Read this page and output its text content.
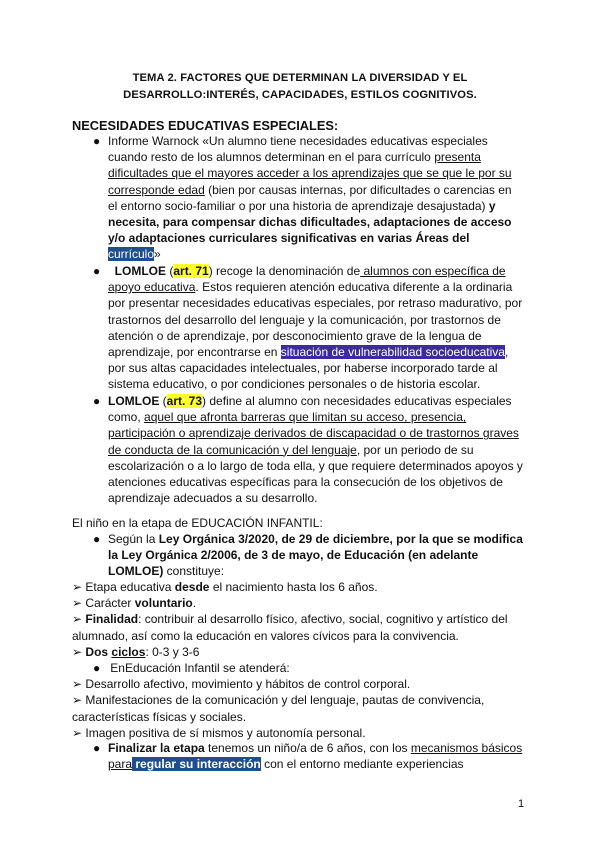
TEMA 2. FACTORES QUE DETERMINAN LA DIVERSIDAD Y EL
DESARROLLO:INTERÉS, CAPACIDADES, ESTILOS COGNITIVOS.
NECESIDADES EDUCATIVAS ESPECIALES:
● Informe Warnock «Un alumno tiene necesidades educativas especiales
cuando resto de los alumnos determinan en el para currículo presenta
dificultades que el mayores acceder a los aprendizajes que se que le por su
corresponde edad (bien por causas internas, por dificultades o carencias en
el entorno socio-familiar o por una historia de aprendizaje desajustada) y
necesita, para compensar dichas dificultades, adaptaciones de acceso
y/o adaptaciones curriculares significativas en varias Áreas del
currículo»
●	LOMLOE (art. 71) recoge la denominación de alumnos con específica de
apoyo educativa. Estos requieren atención educativa diferente a la ordinaria
por presentar necesidades educativas especiales, por retraso madurativo, por
trastornos del desarrollo del lenguaje y la comunicación, por trastornos de
atención o de aprendizaje, por desconocimiento grave de la lengua de
aprendizaje, por encontrarse en situación de vulnerabilidad socioeducativa,
por sus altas capacidades intelectuales, por haberse incorporado tarde al
sistema educativo, o por condiciones personales o de historia escolar.
● LOMLOE (art. 73) define al alumno con necesidades educativas especiales
como, aquel que afronta barreras que limitan su acceso, presencia,
participación o aprendizaje derivados de discapacidad o de trastornos graves
de conducta de la comunicación y del lenguaje, por un periodo de su
escolarización o a lo largo de toda ella, y que requiere determinados apoyos y
atenciones educativas específicas para la consecución de los objetivos de
aprendizaje adecuados a su desarrollo.
El niño en la etapa de EDUCACIÓN INFANTIL:
● Según la Ley Orgánica 3/2020, de 29 de diciembre, por la que se modifica
la Ley Orgánica 2/2006, de 3 de mayo, de Educación (en adelante
LOMLOE) constituye:
➢ Etapa educativa desde el nacimiento hasta los 6 años.
➢ Carácter voluntario.
➢ Finalidad: contribuir al desarrollo físico, afectivo, social, cognitivo y artístico del
alumnado, así como la educación en valores cívicos para la convivencia.
➢ Dos ciclos: 0-3 y 3-6
● EnEducación Infantil se atenderá:
➢ Desarrollo afectivo, movimiento y hábitos de control corporal.
➢ Manifestaciones de la comunicación y del lenguaje, pautas de convivencia,
características físicas y sociales.
➢ Imagen positiva de sí mismos y autonomía personal.
● Finalizar la etapa tenemos un niño/a de 6 años, con los mecanismos básicos
para regular su interacción con el entorno mediante experiencias
1
